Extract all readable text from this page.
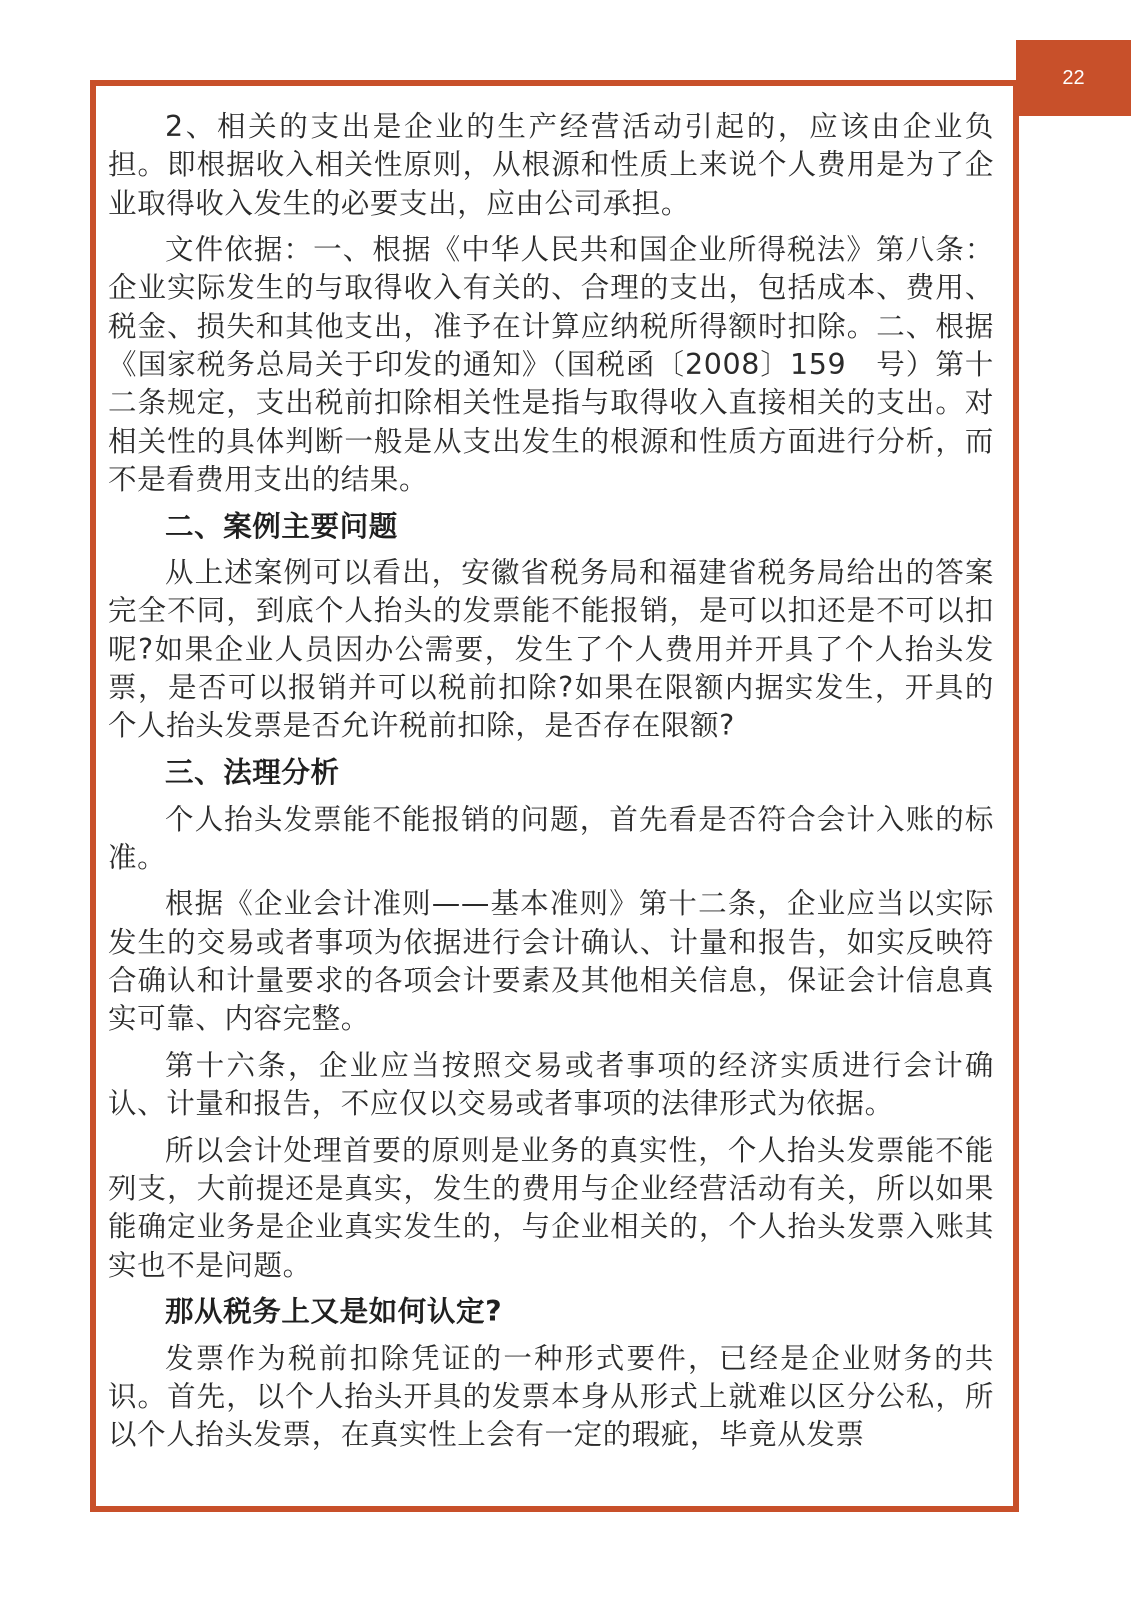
22

2、相关的支出是企业的生产经营活动引起的，应该由企业负担。即根据收入相关性原则，从根源和性质上来说个人费用是为了企业取得收入发生的必要支出，应由公司承担。

文件依据：一、根据《中华人民共和国企业所得税法》第八条：企业实际发生的与取得收入有关的、合理的支出，包括成本、费用、税金、损失和其他支出，准予在计算应纳税所得额时扣除。二、根据《国家税务总局关于印发的通知》（国税函〔2008〕159　号）第十二条规定，支出税前扣除相关性是指与取得收入直接相关的支出。对相关性的具体判断一般是从支出发生的根源和性质方面进行分析，而不是看费用支出的结果。

二、案例主要问题

从上述案例可以看出，安徽省税务局和福建省税务局给出的答案完全不同，到底个人抬头的发票能不能报销，是可以扣还是不可以扣呢?如果企业人员因办公需要，发生了个人费用并开具了个人抬头发票，是否可以报销并可以税前扣除?如果在限额内据实发生，开具的个人抬头发票是否允许税前扣除，是否存在限额?

三、法理分析

个人抬头发票能不能报销的问题，首先看是否符合会计入账的标准。

根据《企业会计准则——基本准则》第十二条，企业应当以实际发生的交易或者事项为依据进行会计确认、计量和报告，如实反映符合确认和计量要求的各项会计要素及其他相关信息，保证会计信息真实可靠、内容完整。

第十六条，企业应当按照交易或者事项的经济实质进行会计确认、计量和报告，不应仅以交易或者事项的法律形式为依据。

所以会计处理首要的原则是业务的真实性，个人抬头发票能不能列支，大前提还是真实，发生的费用与企业经营活动有关，所以如果能确定业务是企业真实发生的，与企业相关的，个人抬头发票入账其实也不是问题。

那从税务上又是如何认定?

发票作为税前扣除凭证的一种形式要件，已经是企业财务的共识。首先，以个人抬头开具的发票本身从形式上就难以区分公私，所以个人抬头发票，在真实性上会有一定的瑕疵，毕竟从发票
